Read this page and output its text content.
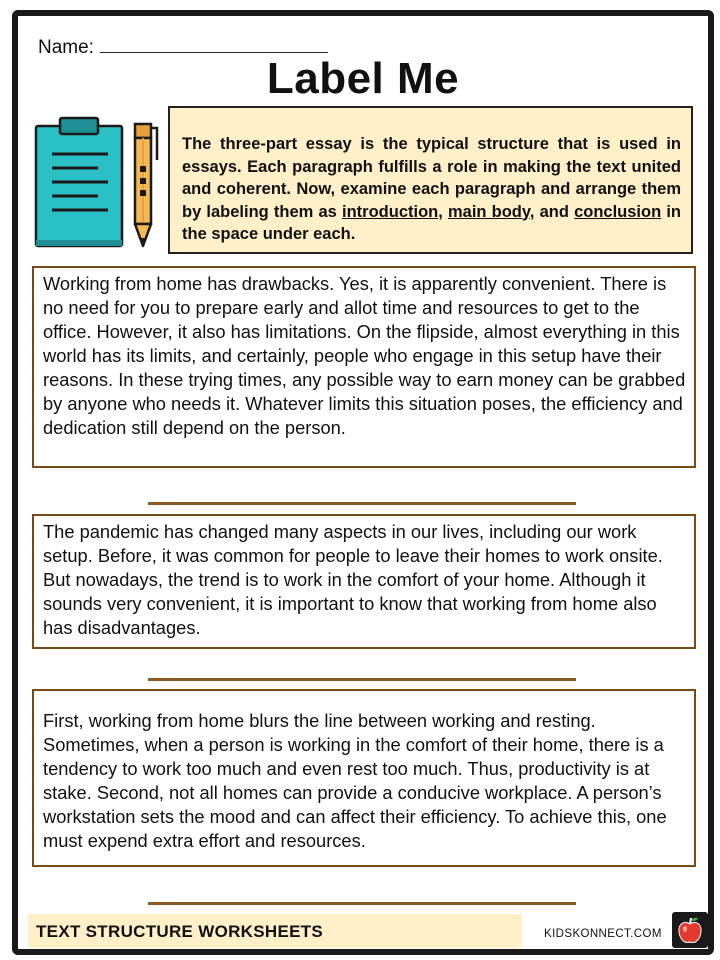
Name:
Label Me
The three-part essay is the typical structure that is used in essays. Each paragraph fulfills a role in making the text united and coherent. Now, examine each paragraph and arrange them by labeling them as introduction, main body, and conclusion in the space under each.
Working from home has drawbacks. Yes, it is apparently convenient. There is no need for you to prepare early and allot time and resources to get to the office. However, it also has limitations. On the flipside, almost everything in this world has its limits, and certainly, people who engage in this setup have their reasons. In these trying times, any possible way to earn money can be grabbed by anyone who needs it. Whatever limits this situation poses, the efficiency and dedication still depend on the person.
The pandemic has changed many aspects in our lives, including our work setup. Before, it was common for people to leave their homes to work onsite. But nowadays, the trend is to work in the comfort of your home. Although it sounds very convenient, it is important to know that working from home also has disadvantages.
First, working from home blurs the line between working and resting. Sometimes, when a person is working in the comfort of their home, there is a tendency to work too much and even rest too much. Thus, productivity is at stake. Second, not all homes can provide a conducive workplace. A person’s workstation sets the mood and can affect their efficiency. To achieve this, one must expend extra effort and resources.
TEXT STRUCTURE WORKSHEETS	KIDSKONNECT.COM
